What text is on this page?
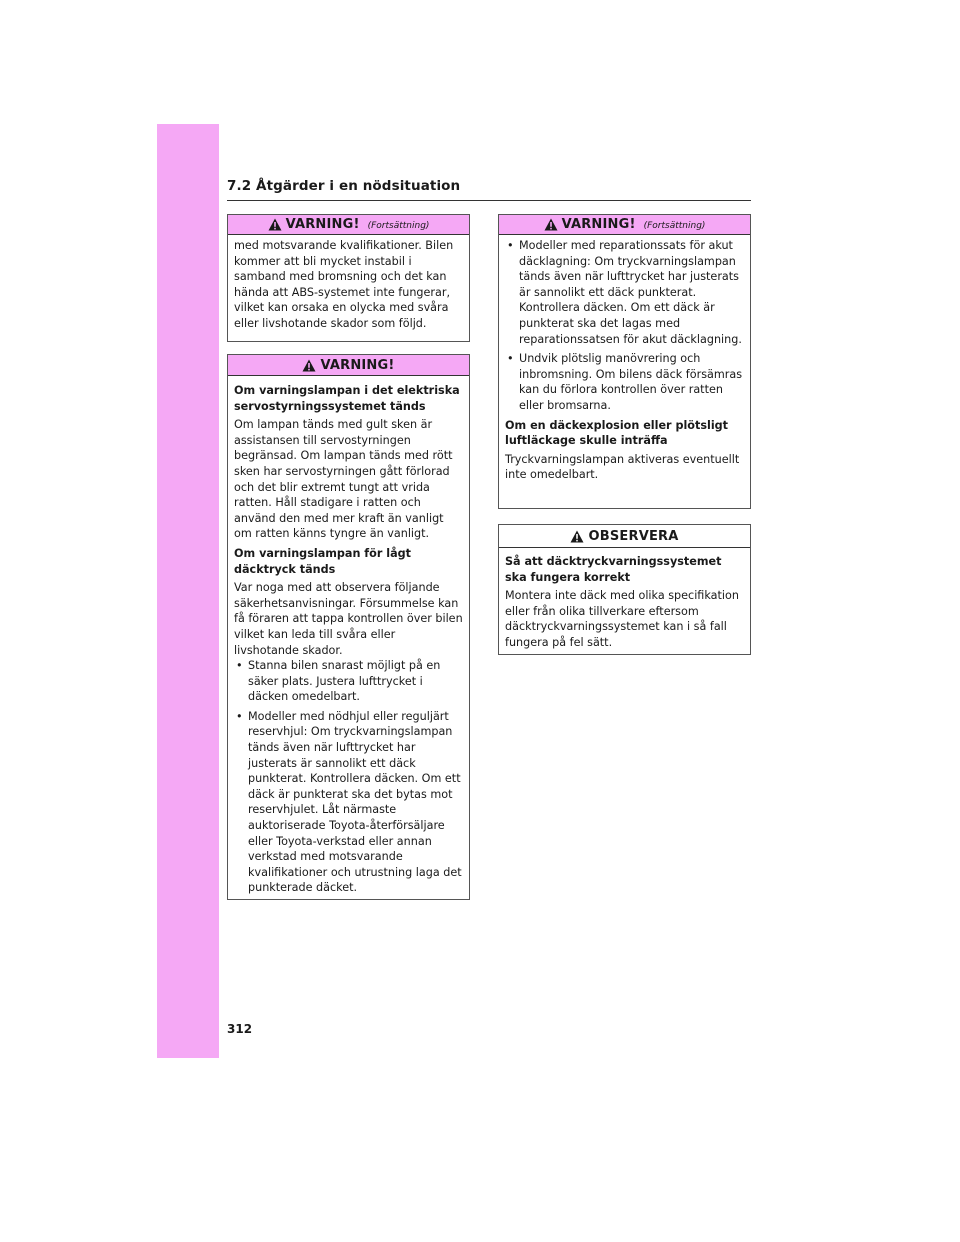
7.2 Åtgärder i en nödsituation
VARNING! (Fortsättning)

med motsvarande kvalifikationer. Bilen kommer att bli mycket instabil i samband med bromsning och det kan hända att ABS-systemet inte fungerar, vilket kan orsaka en olycka med svåra eller livshotande skador som följd.

VARNING!
Om varningslampan i det elektriska servostyrningssystemet tänds

Om lampan tänds med gult sken är assistansen till servostyrningen begränsad. Om lampan tänds med rött sken har servostyrningen gått förlorad och det blir extremt tungt att vrida ratten. Håll stadigare i ratten och använd den med mer kraft än vanligt om ratten känns tyngre än vanligt.

Om varningslampan för lågt däcktryck tänds

Var noga med att observera följande säkerhetsanvisningar. Försummelse kan få föraren att tappa kontrollen över bilen vilket kan leda till svåra eller livshotande skador.

• Stanna bilen snarast möjligt på en säker plats. Justera lufttrycket i däcken omedelbart.
• Modeller med nödhjul eller reguljärt reservhjul: Om tryckvarningslampan tänds även när lufttrycket har justerats är sannolikt ett däck punkterat. Kontrollera däcken. Om ett däck är punkterat ska det bytas mot reservhjulet. Låt närmaste auktoriserade Toyota-återförsäljare eller Toyota-verkstad eller annan verkstad med motsvarande kvalifikationer och utrustning laga det punkterade däcket.
VARNING! (Fortsättning)
• Modeller med reparationssats för akut däcklagning: Om tryckvarningslampan tänds även när lufttrycket har justerats är sannolikt ett däck punkterat. Kontrollera däcken. Om ett däck är punkterat ska det lagas med reparationssatsen för akut däcklagning.
• Undvik plötslig manövrering och inbromsning. Om bilens däck försämras kan du förlora kontrollen över ratten eller bromsarna.
Om en däckexplosion eller plötsligt luftläckage skulle inträffa

Tryckvarningslampan aktiveras eventuellt inte omedelbart.

OBSERVERA
Så att däcktryckvarningssystemet ska fungera korrekt

Montera inte däck med olika specifikation eller från olika tillverkare eftersom däcktryckvarningssystemet kan i så fall fungera på fel sätt.

312
